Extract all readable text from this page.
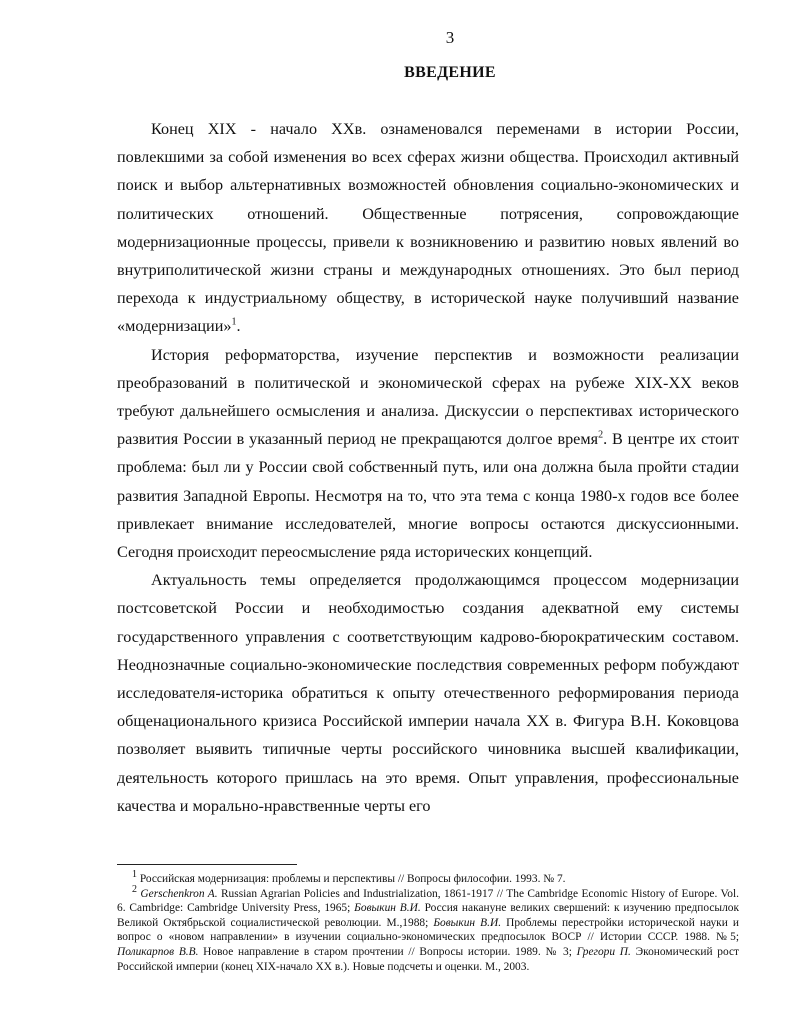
3
ВВЕДЕНИЕ

Конец XIX - начало XXв. ознаменовался переменами в истории России, повлекшими за собой изменения во всех сферах жизни общества. Происходил активный поиск и выбор альтернативных возможностей обновления социально-экономических и политических отношений. Общественные потрясения, сопровождающие модернизационные процессы, привели к возникновению и развитию новых явлений во внутриполитической жизни страны и международных отношениях. Это был период перехода к индустриальному обществу, в исторической науке получивший название «модернизации»$^1$.

История реформаторства, изучение перспектив и возможности реализации преобразований в политической и экономической сферах на рубеже XIX-XX веков требуют дальнейшего осмысления и анализа. Дискуссии о перспективах исторического развития России в указанный период не прекращаются долгое время$^2$. В центре их стоит проблема: был ли у России свой собственный путь, или она должна была пройти стадии развития Западной Европы. Несмотря на то, что эта тема с конца 1980-х годов все более привлекает внимание исследователей, многие вопросы остаются дискуссионными. Сегодня происходит переосмысление ряда исторических концепций.

Актуальность темы определяется продолжающимся процессом модернизации постсоветской России и необходимостью создания адекватной ему системы государственного управления с соответствующим кадрово-бюрократическим составом. Неоднозначные социально-экономические последствия современных реформ побуждают исследователя-историка обратиться к опыту отечественного реформирования периода общенационального кризиса Российской империи начала XX в. Фигура В.Н. Коковцова позволяет выявить типичные черты российского чиновника высшей квалификации, деятельность которого пришлась на это время. Опыт управления, профессиональные качества и морально-нравственные черты его

$^1$ Российская модернизация: проблемы и перспективы // Вопросы философии. 1993. № 7.

$^2$ Gerschenkron A. Russian Agrarian Policies and Industrialization, 1861-1917 // The Cambridge Economic History of Europe. Vol. 6. Cambridge: Cambridge University Press, 1965; Бовыкин В.И. Россия накануне великих свершений: к изучению предпосылок Великой Октябрьской социалистической революции. М.,1988; Бовыкин В.И. Проблемы перестройки исторической науки и вопрос о «новом направлении» в изучении социально-экономических предпосылок ВОСР // Истории СССР. 1988. №5; Поликарпов В.В. Новое направление в старом прочтении // Вопросы истории. 1989. № 3; Грегори П. Экономический рост Российской империи (конец XIX-начало XX в.). Новые подсчеты и оценки. М., 2003.
